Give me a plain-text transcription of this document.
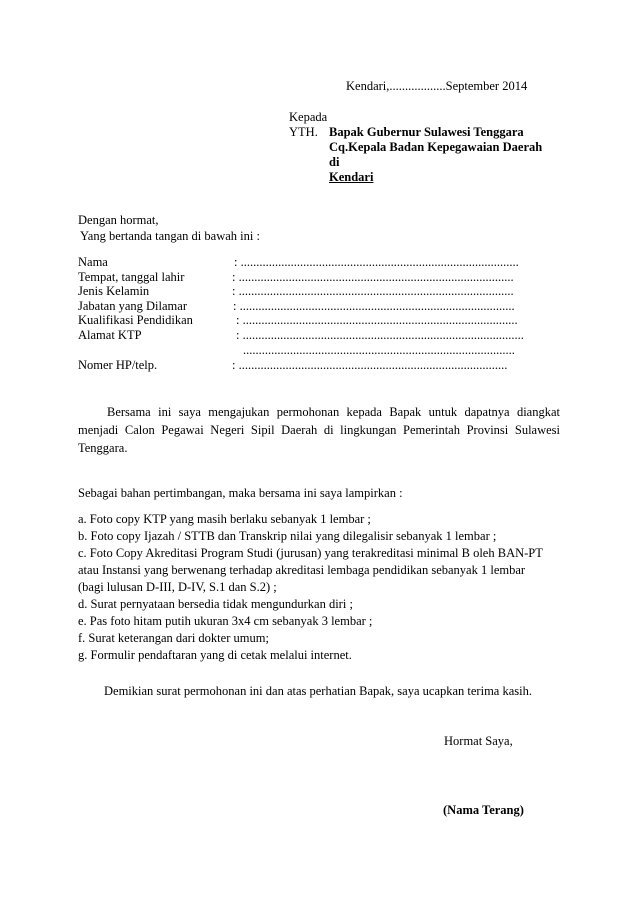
Kendari,..................September 2014
Kepada
YTH. Bapak Gubernur Sulawesi Tenggara
Cq.Kepala Badan Kepegawaian Daerah
di
Kendari
Dengan hormat,
Yang bertanda tangan di bawah ini :
Nama	: .........................................................................................
Tempat, tanggal lahir	: ........................................................................................
Jenis Kelamin	: ........................................................................................
Jabatan yang Dilamar	: ........................................................................................
Kualifikasi Pendidikan	: ........................................................................................
Alamat KTP	: ..........................................................................................
.......................................................................................
Nomer HP/telp.	: ......................................................................................
Bersama ini saya mengajukan permohonan kepada Bapak untuk dapatnya diangkat
menjadi Calon Pegawai Negeri Sipil Daerah di lingkungan Pemerintah Provinsi Sulawesi
Tenggara.
Sebagai bahan pertimbangan, maka bersama ini saya lampirkan :
a. Foto copy KTP yang masih berlaku sebanyak 1 lembar ;
b. Foto copy Ijazah / STTB dan Transkrip nilai yang dilegalisir sebanyak 1 lembar ;
c. Foto Copy Akreditasi Program Studi (jurusan) yang terakreditasi minimal B oleh BAN-PT
atau Instansi yang berwenang terhadap akreditasi lembaga pendidikan sebanyak 1 lembar
(bagi lulusan D-III, D-IV, S.1 dan S.2) ;
d. Surat pernyataan bersedia tidak mengundurkan diri ;
e. Pas foto hitam putih ukuran 3x4 cm sebanyak 3 lembar ;
f. Surat keterangan dari dokter umum;
g. Formulir pendaftaran yang di cetak melalui internet.
Demikian surat permohonan ini dan atas perhatian Bapak, saya ucapkan terima kasih.
Hormat Saya,
(Nama Terang)
